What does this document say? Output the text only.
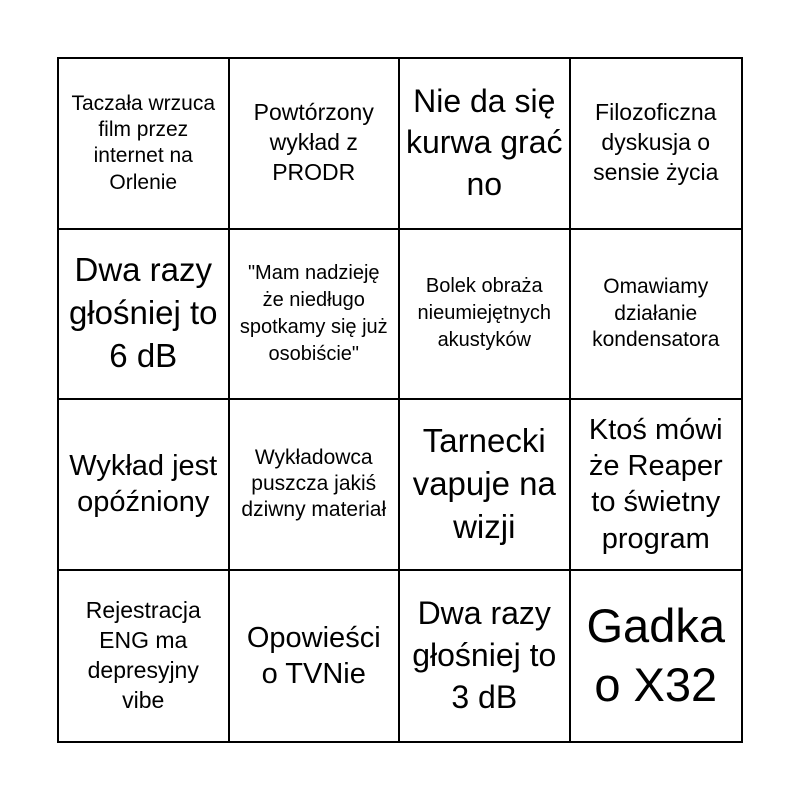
Taczała wrzuca film przez internet na Orlenie
Powtórzony wykład z PRODR
Nie da się kurwa grać no
Filozoficzna dyskusja o sensie życia
Dwa razy głośniej to 6 dB
"Mam nadzieję że niedługo spotkamy się już osobiście"
Bolek obraża nieumiejętnych akustyków
Omawiamy działanie kondensatora
Wykład jest opóźniony
Wykładowca puszcza jakiś dziwny materiał
Tarnecki vapuje na wizji
Ktoś mówi że Reaper to świetny program
Rejestracja ENG ma depresyjny vibe
Opowieści o TVNie
Dwa razy głośniej to 3 dB
Gadka o X32
